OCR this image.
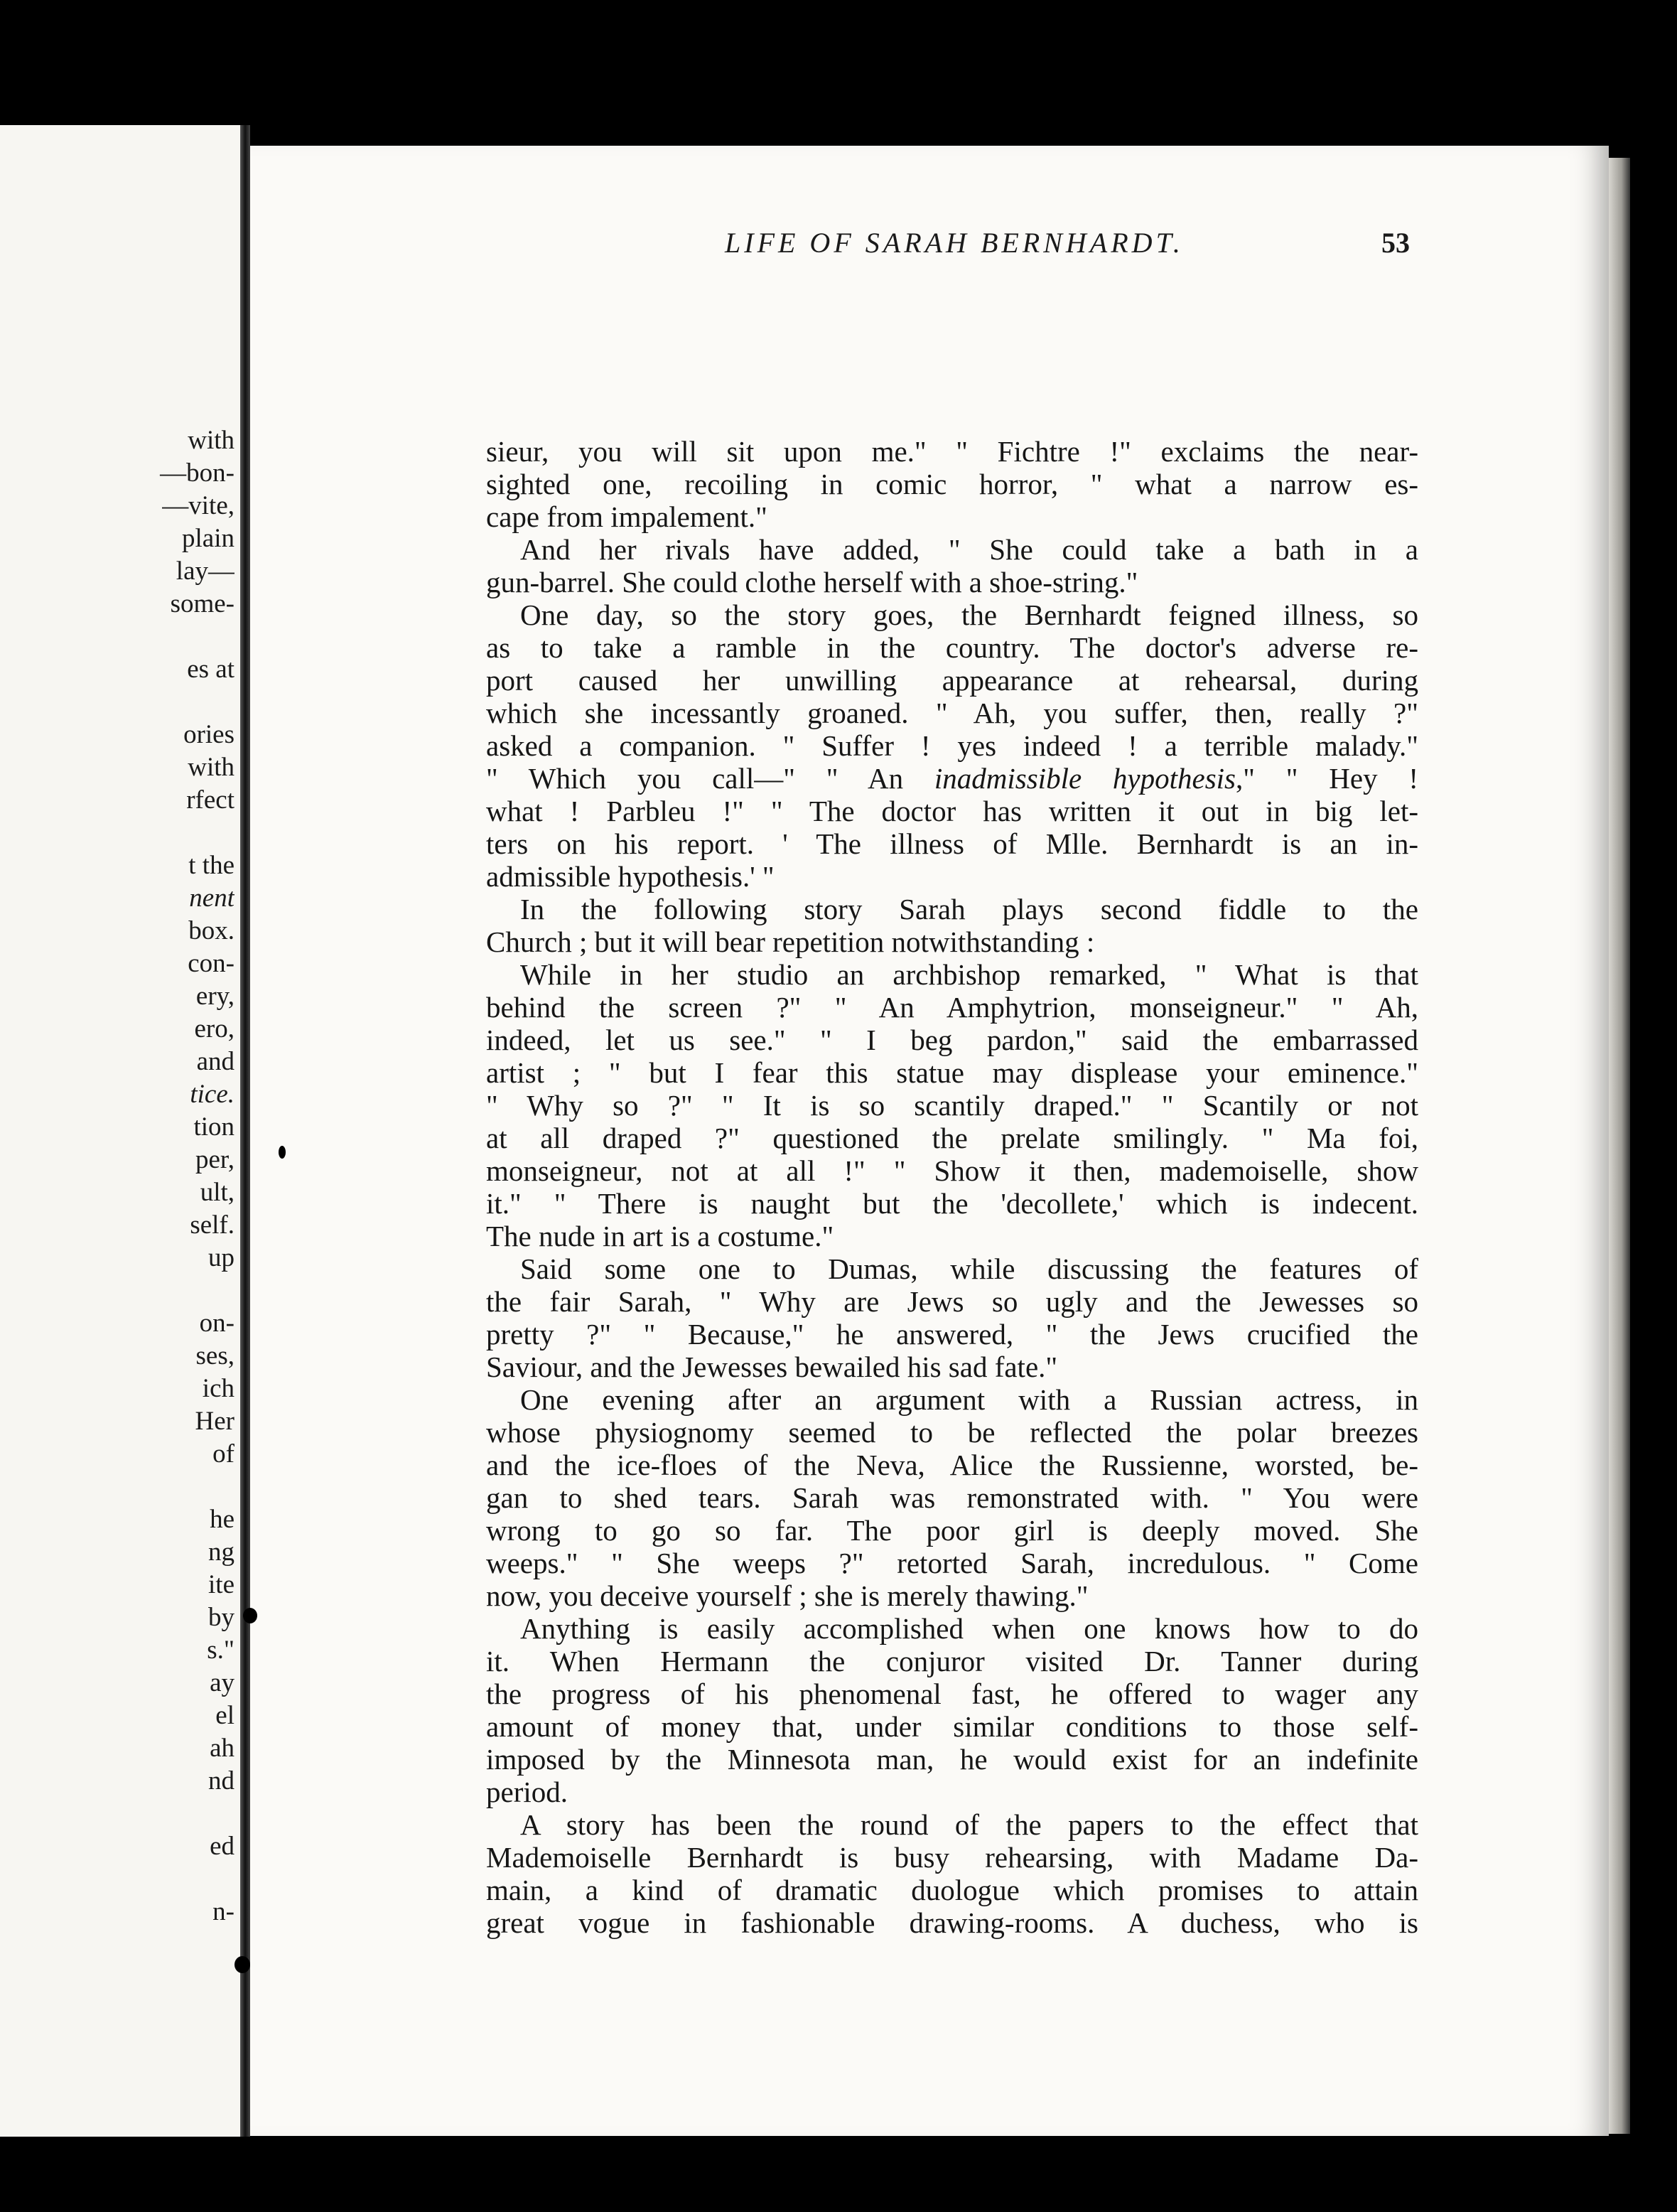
with
—bon-
—vite,
plain
lay—
some-
es at
ories
with
rfect
t the
nent
box.
con-
ery,
ero,
and
tice.
tion
per,
ult,
self.
up
on-
ses,
ich
Her
of
he
ng
ite
by
s."
ay
el
ah
nd
ed
n-
LIFE OF SARAH BERNHARDT.	53
sieur, you will sit upon me." " Fichtre !" exclaims the near-
sighted one, recoiling in comic horror, " what a narrow es-
cape from impalement."
And her rivals have added, " She could take a bath in a
gun-barrel. She could clothe herself with a shoe-string."
One day, so the story goes, the Bernhardt feigned illness, so
as to take a ramble in the country. The doctor's adverse re-
port caused her unwilling appearance at rehearsal, during
which she incessantly groaned. " Ah, you suffer, then, really ?"
asked a companion. " Suffer ! yes indeed ! a terrible malady."
" Which you call—" " An inadmissible hypothesis," " Hey !
what ! Parbleu !" " The doctor has written it out in big let-
ters on his report. ' The illness of Mlle. Bernhardt is an in-
admissible hypothesis.' "
In the following story Sarah plays second fiddle to the
Church ; but it will bear repetition notwithstanding :
While in her studio an archbishop remarked, " What is that
behind the screen ?" " An Amphytrion, monseigneur." " Ah,
indeed, let us see." " I beg pardon," said the embarrassed
artist ; " but I fear this statue may displease your eminence."
" Why so ?" " It is so scantily draped." " Scantily or not
at all draped ?" questioned the prelate smilingly. " Ma foi,
monseigneur, not at all !" " Show it then, mademoiselle, show
it." " There is naught but the 'decollete,' which is indecent.
The nude in art is a costume."
Said some one to Dumas, while discussing the features of
the fair Sarah, " Why are Jews so ugly and the Jewesses so
pretty ?" " Because," he answered, " the Jews crucified the
Saviour, and the Jewesses bewailed his sad fate."
One evening after an argument with a Russian actress, in
whose physiognomy seemed to be reflected the polar breezes
and the ice-floes of the Neva, Alice the Russienne, worsted, be-
gan to shed tears. Sarah was remonstrated with. " You were
wrong to go so far. The poor girl is deeply moved. She
weeps." " She weeps ?" retorted Sarah, incredulous. " Come
now, you deceive yourself ; she is merely thawing."
Anything is easily accomplished when one knows how to do
it. When Hermann the conjuror visited Dr. Tanner during
the progress of his phenomenal fast, he offered to wager any
amount of money that, under similar conditions to those self-
imposed by the Minnesota man, he would exist for an indefinite
period.
A story has been the round of the papers to the effect that
Mademoiselle Bernhardt is busy rehearsing, with Madame Da-
main, a kind of dramatic duologue which promises to attain
great vogue in fashionable drawing-rooms. A duchess, who is
